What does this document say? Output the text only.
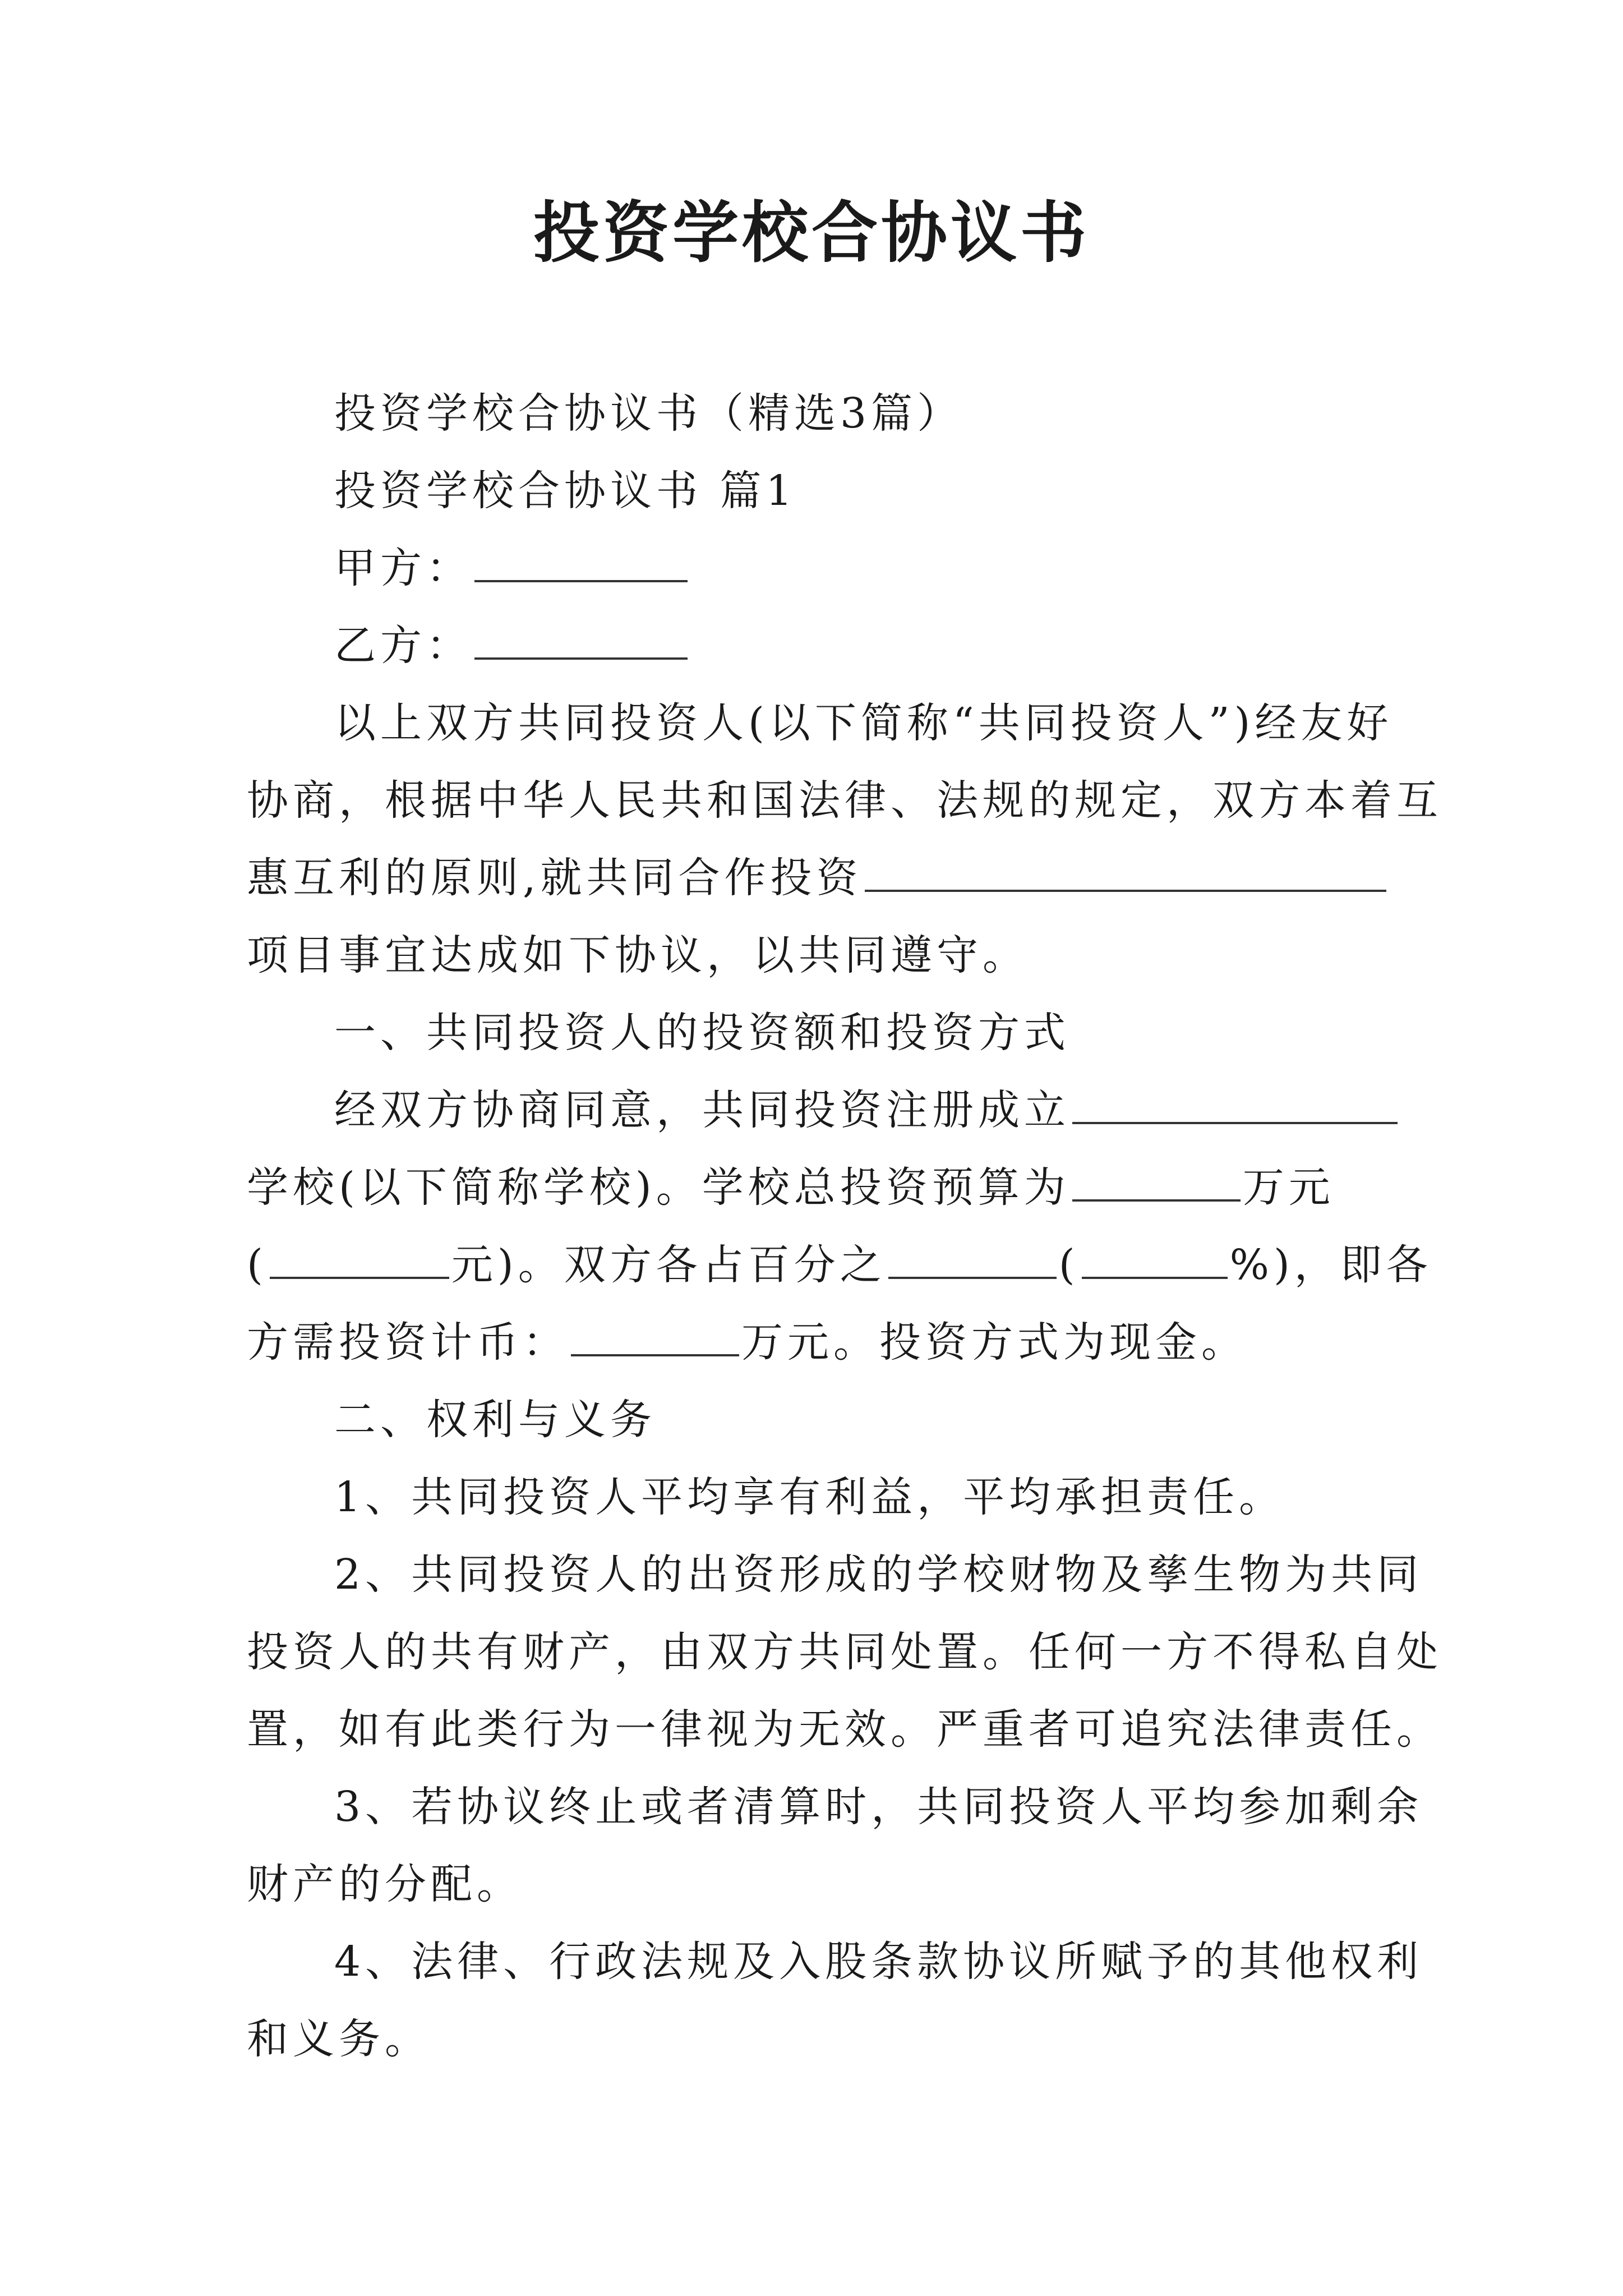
投资学校合协议书

投资学校合协议书（精选3篇）

投资学校合协议书 篇1

甲方：

乙方：

以上双方共同投资人(以下简称“共同投资人”)经友好
协商，根据中华人民共和国法律、法规的规定，双方本着互
惠互利的原则,就共同合作投资
项目事宜达成如下协议，以共同遵守。

一、共同投资人的投资额和投资方式

经双方协商同意，共同投资注册成立
学校(以下简称学校)。学校总投资预算为	万元
(	元)。双方各占百分之	(	%)，即各
方需投资计币：	万元。投资方式为现金。

二、权利与义务

1、共同投资人平均享有利益，平均承担责任。

2、共同投资人的出资形成的学校财物及孳生物为共同
投资人的共有财产，由双方共同处置。任何一方不得私自处
置，如有此类行为一律视为无效。严重者可追究法律责任。
3、若协议终止或者清算时，共同投资人平均参加剩余
财产的分配。
4、法律、行政法规及入股条款协议所赋予的其他权利
和义务。
